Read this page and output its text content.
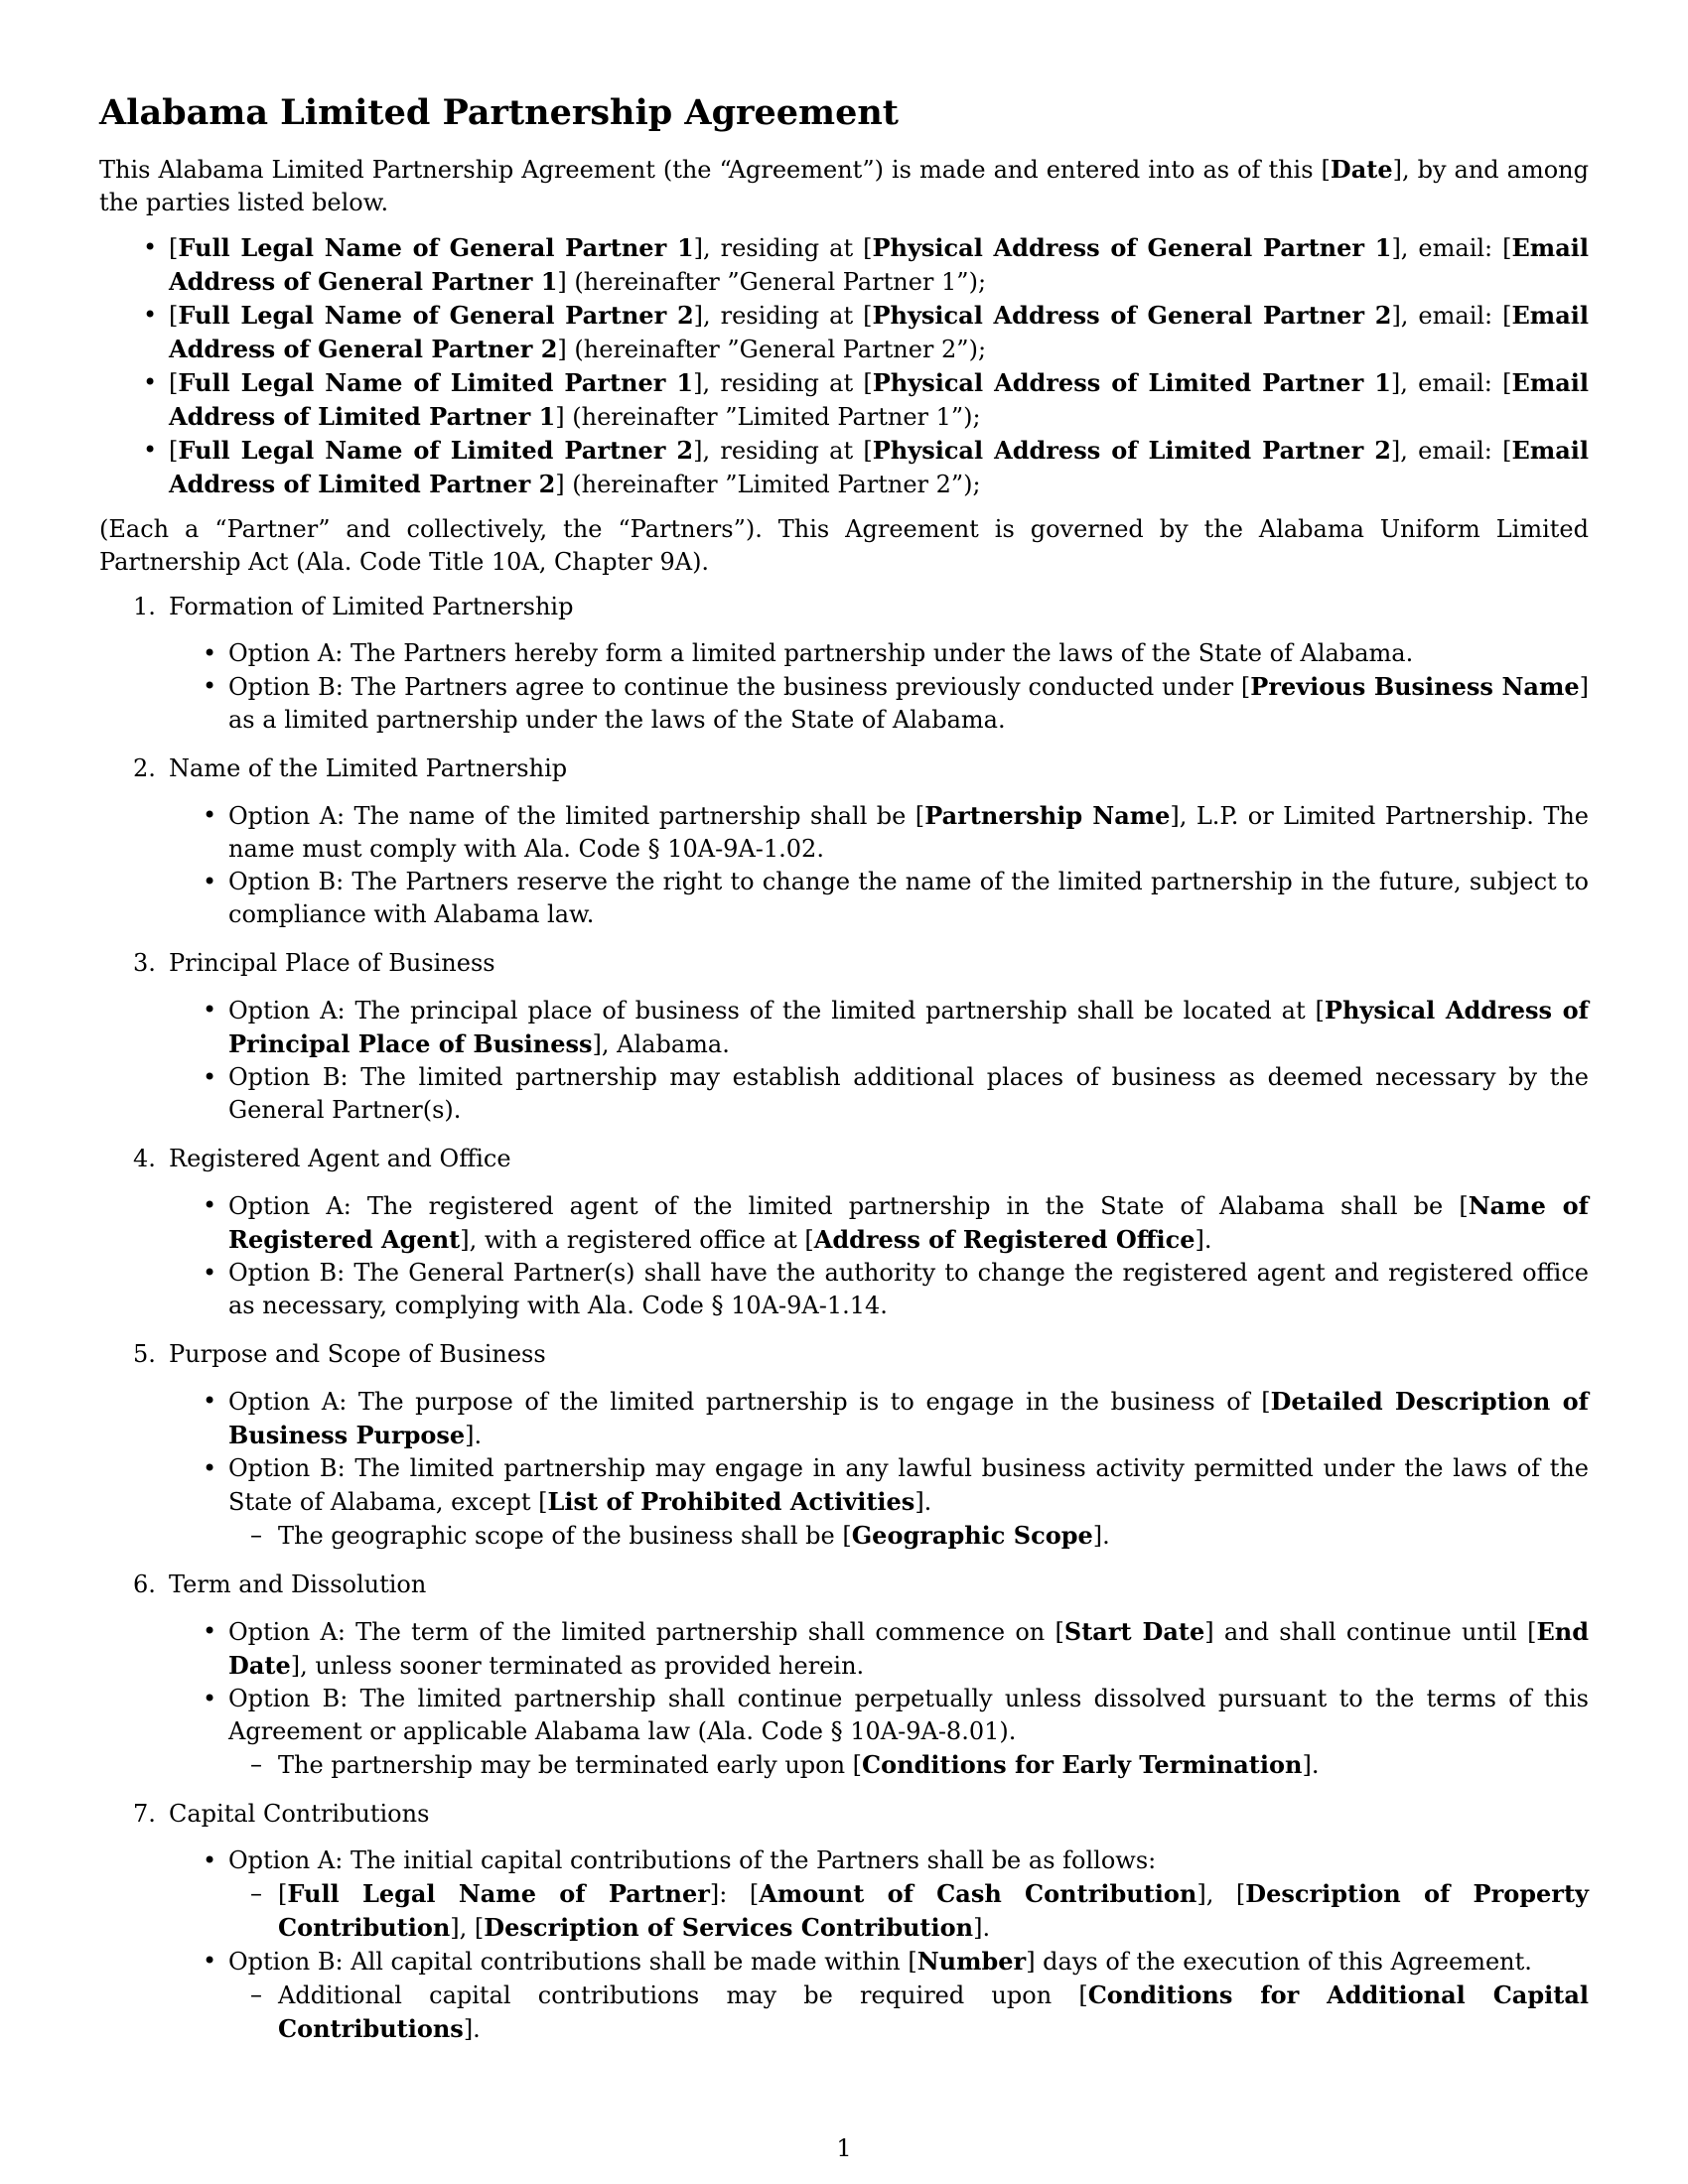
Alabama Limited Partnership Agreement

This Alabama Limited Partnership Agreement (the “Agreement”) is made and entered into as of this [Date], by and among the parties listed below.

• [Full Legal Name of General Partner 1], residing at [Physical Address of General Partner 1], email: [Email Address of General Partner 1] (hereinafter ”General Partner 1”);
• [Full Legal Name of General Partner 2], residing at [Physical Address of General Partner 2], email: [Email Address of General Partner 2] (hereinafter ”General Partner 2”);
• [Full Legal Name of Limited Partner 1], residing at [Physical Address of Limited Partner 1], email: [Email Address of Limited Partner 1] (hereinafter ”Limited Partner 1”);
• [Full Legal Name of Limited Partner 2], residing at [Physical Address of Limited Partner 2], email: [Email Address of Limited Partner 2] (hereinafter ”Limited Partner 2”);

(Each a “Partner” and collectively, the “Partners”). This Agreement is governed by the Alabama Uniform Limited Partnership Act (Ala. Code Title 10A, Chapter 9A).

1. Formation of Limited Partnership
• Option A: The Partners hereby form a limited partnership under the laws of the State of Alabama.
• Option B: The Partners agree to continue the business previously conducted under [Previous Business Name] as a limited partnership under the laws of the State of Alabama.
2. Name of the Limited Partnership
• Option A: The name of the limited partnership shall be [Partnership Name], L.P. or Limited Partnership. The name must comply with Ala. Code § 10A-9A-1.02.
• Option B: The Partners reserve the right to change the name of the limited partnership in the future, subject to compliance with Alabama law.
3. Principal Place of Business
• Option A: The principal place of business of the limited partnership shall be located at [Physical Address of Principal Place of Business], Alabama.
• Option B: The limited partnership may establish additional places of business as deemed necessary by the General Partner(s).
4. Registered Agent and Office
• Option A: The registered agent of the limited partnership in the State of Alabama shall be [Name of Registered Agent], with a registered office at [Address of Registered Office].
• Option B: The General Partner(s) shall have the authority to change the registered agent and registered office as necessary, complying with Ala. Code § 10A-9A-1.14.
5. Purpose and Scope of Business
• Option A: The purpose of the limited partnership is to engage in the business of [Detailed Description of Business Purpose].
• Option B: The limited partnership may engage in any lawful business activity permitted under the laws of the State of Alabama, except [List of Prohibited Activities].
– The geographic scope of the business shall be [Geographic Scope].
6. Term and Dissolution
• Option A: The term of the limited partnership shall commence on [Start Date] and shall continue until [End Date], unless sooner terminated as provided herein.
• Option B: The limited partnership shall continue perpetually unless dissolved pursuant to the terms of this Agreement or applicable Alabama law (Ala. Code § 10A-9A-8.01).
– The partnership may be terminated early upon [Conditions for Early Termination].
7. Capital Contributions
• Option A: The initial capital contributions of the Partners shall be as follows:
– [Full Legal Name of Partner]: [Amount of Cash Contribution], [Description of Property Contribution], [Description of Services Contribution].
• Option B: All capital contributions shall be made within [Number] days of the execution of this Agreement.
– Additional capital contributions may be required upon [Conditions for Additional Capital Contributions].
1
